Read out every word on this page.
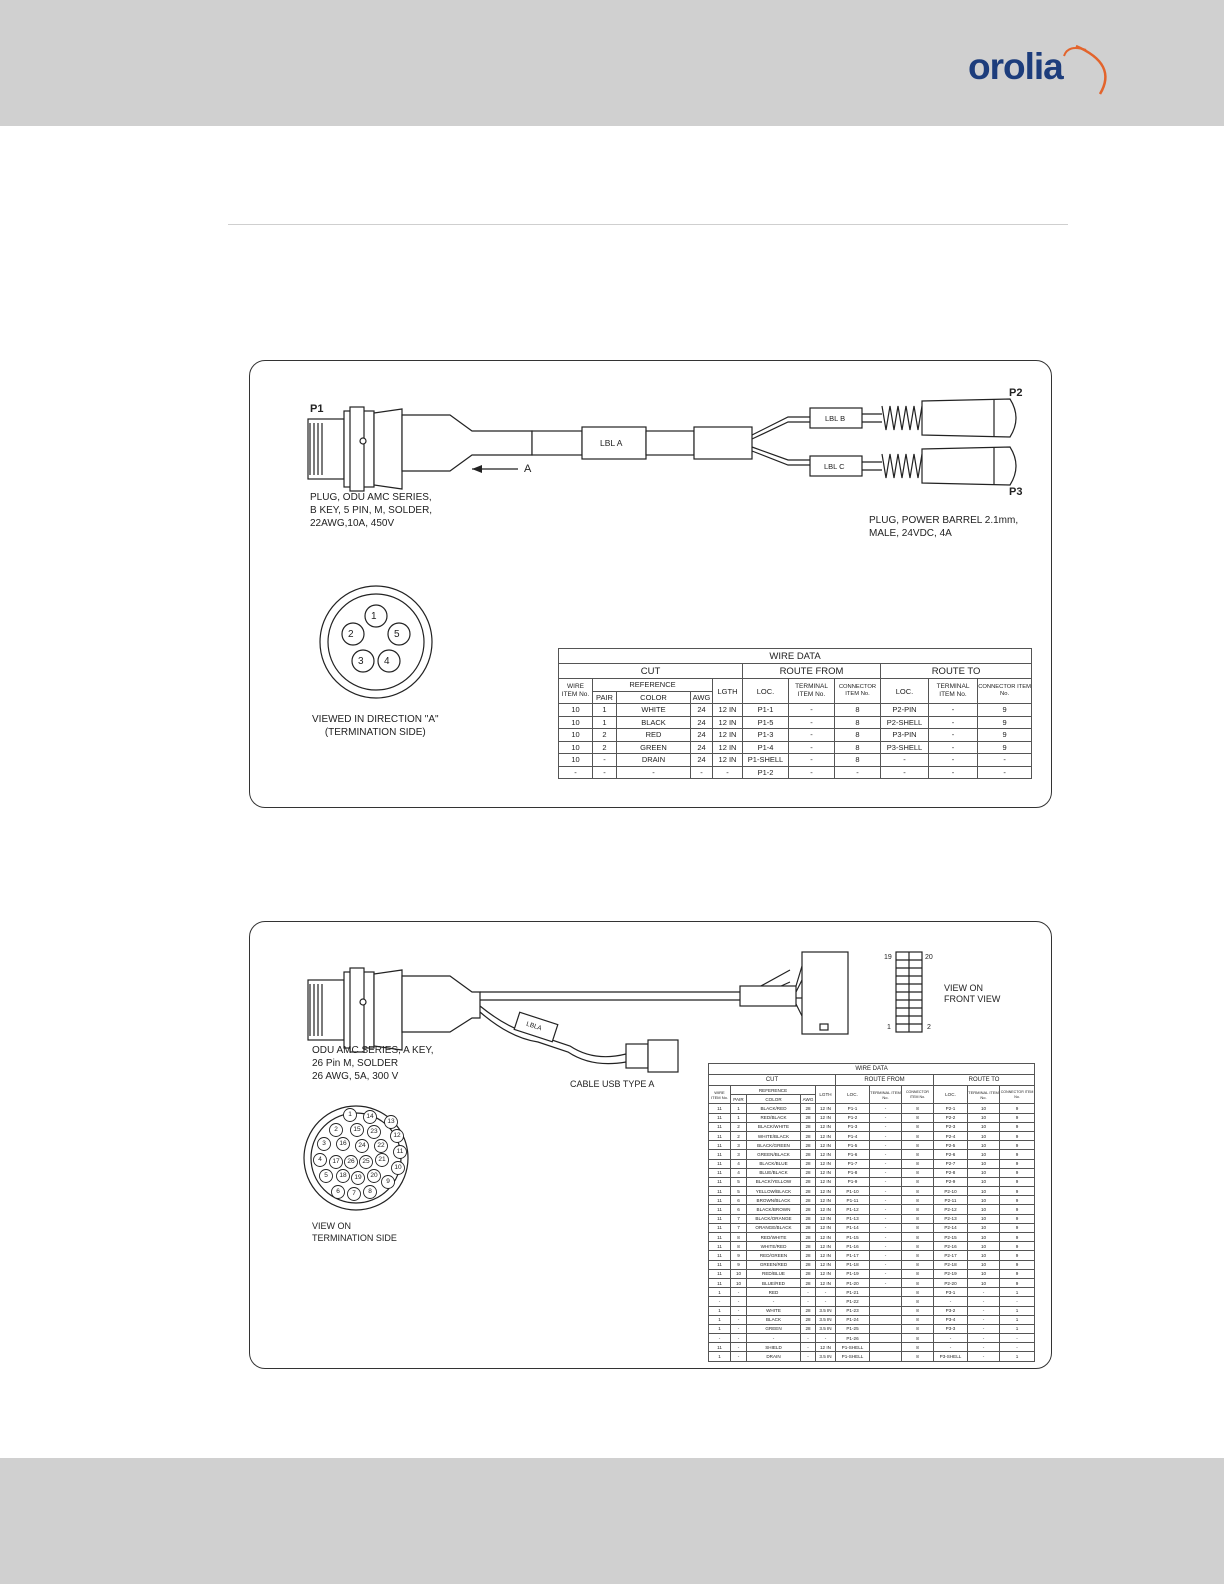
orolia
P1
P2
P3
LBL A
LBL B
LBL C
A
PLUG, ODU AMC SERIES,
B KEY, 5 PIN, M, SOLDER,
22AWG,10A, 450V	PLUG, POWER BARREL 2.1mm,
MALE, 24VDC, 4A
VIEWED IN DIRECTION "A"
(TERMINATION SIDE)
1
2	5
3 4	WIRE DATA										
CUT					ROUTE FROM			ROUTE TO		
WIRE ITEM No.	REFERENCE			LGTH	LOC.	TERMINAL ITEM No.	CONNECTOR ITEM No.	LOC.	TERMINAL ITEM No.	CONNECTOR ITEM No.
	PAIR	COLOR	AWG							
10	1	WHITE	24	12 IN	P1-1	-	8	P2-PIN	-	9
10	1	BLACK	24	12 IN	P1-5	-	8	P2-SHELL	-	9
10	2	RED	24	12 IN	P1-3	-	8	P3-PIN	-	9
10	2	GREEN	24	12 IN	P1-4	-	8	P3-SHELL	-	9
10	-	DRAIN	24	12 IN	P1-SHELL	-	8	-	-	-
-	-	-	-	-	P1-2	-	-	-	-	-
LBLA
19	20
1	2
VIEW ON
FRONT VIEW
ODU AMC SERIES, A KEY,
26 Pin M, SOLDER
26 AWG, 5A, 300 V
CABLE USB TYPE A
VIEW ON
TERMINATION SIDE
1	14
13
2	15 23
12
3	16 24 22
11
4	17 26 25 21
10
5	18 19 20
9
6	7	8
WIRE DATA										
CUT					ROUTE FROM			ROUTE TO		
WIRE ITEM No.	REFERENCE			LGTH	LOC.	TERMINAL ITEM No.	CONNECTOR ITEM No.	LOC.	TERMINAL ITEM No.	CONNECTOR ITEM No.
	PAIR	COLOR	AWG							
11	1	BLACK/RED	28	12 IN	P1-1	-	8	P2-1	10	9
11	1	RED/BLACK	28	12 IN	P1-2	-	8	P2-2	10	9
11	2	BLACK/WHITE	28	12 IN	P1-3	-	8	P2-3	10	9
11	2	WHITE/BLACK	28	12 IN	P1-4	-	8	P2-4	10	9
11	3	BLACK/GREEN	28	12 IN	P1-5	-	8	P2-5	10	9
11	3	GREEN/BLACK	28	12 IN	P1-6	-	8	P2-6	10	9
11	4	BLACK/BLUE	28	12 IN	P1-7	-	8	P2-7	10	9
11	4	BLUE/BLACK	28	12 IN	P1-8	-	8	P2-8	10	9
11	5	BLACK/YELLOW	28	12 IN	P1-9	-	8	P2-9	10	9
11	5	YELLOW/BLACK	28	12 IN	P1-10	-	8	P2-10	10	9
11	6	BROWN/BLACK	28	12 IN	P1-11	-	8	P2-11	10	9
11	6	BLACK/BROWN	28	12 IN	P1-12	-	8	P2-12	10	9
11	7	BLACK/ORANGE	28	12 IN	P1-13	-	8	P2-13	10	9
11	7	ORANGE/BLACK	28	12 IN	P1-14	-	8	P2-14	10	9
11	8	RED/WHITE	28	12 IN	P1-15	-	8	P2-15	10	9
11	8	WHITE/RED	28	12 IN	P1-16	-	8	P2-16	10	9
11	9	RED/GREEN	28	12 IN	P1-17	-	8	P2-17	10	9
11	9	GREEN/RED	28	12 IN	P1-18	-	8	P2-18	10	9
11	10	RED/BLUE	28	12 IN	P1-19	-	8	P2-19	10	9
11	10	BLUE/RED	28	12 IN	P1-20	-	8	P2-20	10	9
1	-	RED	-	-	P1-21		8	P3-1	-	1
-	-	-	-	-	P1-22		8	-	-	-
1	-	WHITE	28	3.5 IN	P1-23		8	P3-2	-	1
1	-	BLACK	28	3.5 IN	P1-24		8	P3-4	-	1
1	-	GREEN	28	3.5 IN	P1-25		8	P3-3	-	1
-	-	-	-	-	P1-26		8	-	-	-
11	-	SHIELD	-	12 IN	P1-SHELL		8	-	-	-
1	-	DRAIN	-	3.5 IN	P1-SHELL		8	P3-SHELL	-	1
